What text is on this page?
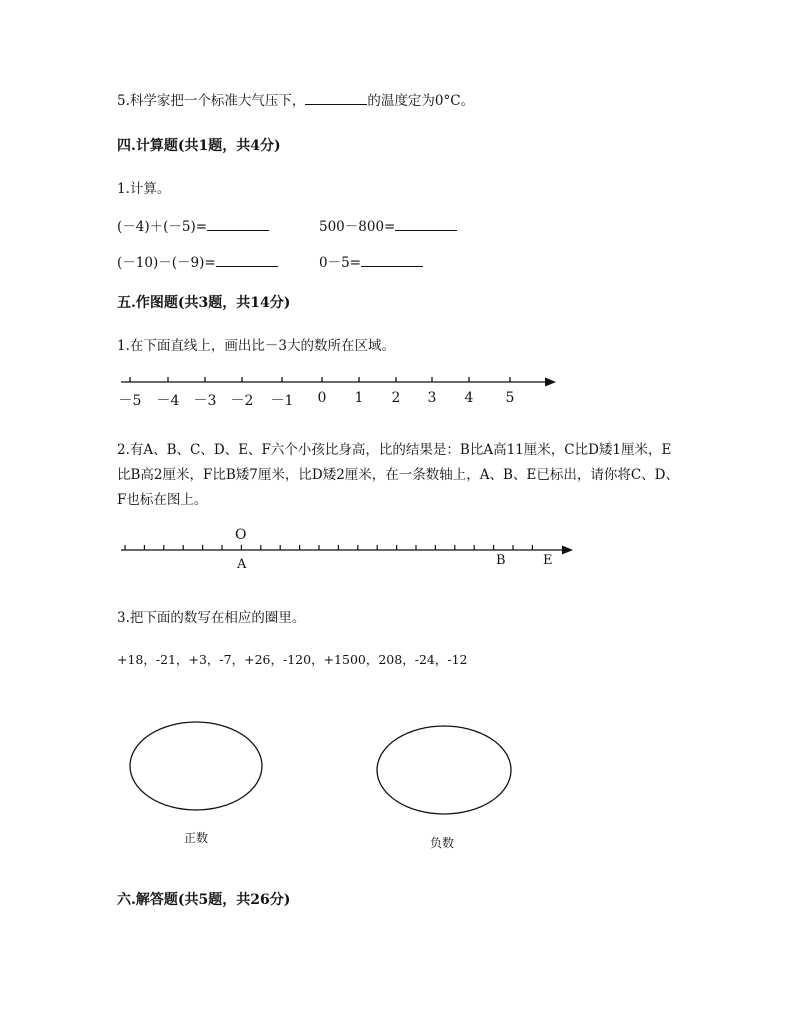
5.科学家把一个标准大气压下，	的温度定为0°C。
四.计算题(共1题，共4分)
1.计算。
(－4)＋(－5)=	500－800=
(－10)－(－9)=	0－5=
五.作图题(共3题，共14分)
1.在下面直线上，画出比－3大的数所在区域。
－5	－4	－3	－2	－1	0	1	2	3	4	5
2.有A、B、C、D、E、F六个小孩比身高，比的结果是：B比A高11厘米，C比D矮1厘米，E比B高2厘米，F比B矮7厘米，比D矮2厘米，在一条数轴上，A、B、E已标出，请你将C、D、F也标在图上。
O
A	B	E
3.把下面的数写在相应的圈里。
+18，-21，+3，-7，+26，-120，+1500，208，-24，-12
正数	负数
六.解答题(共5题，共26分)
